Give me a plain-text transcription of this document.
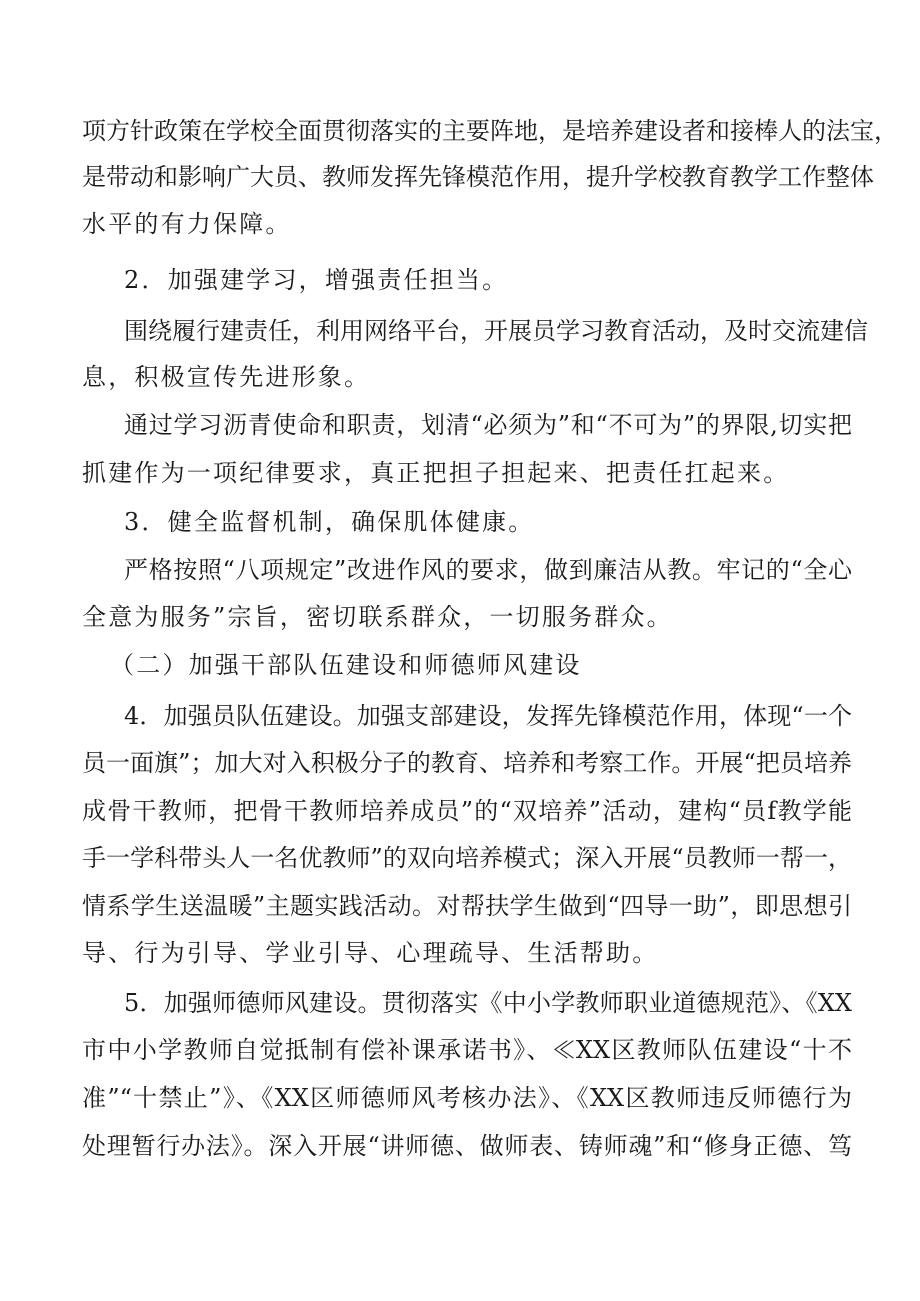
项方针政策在学校全面贯彻落实的主要阵地，是培养建设者和接棒人的法宝，
是带动和影响广大员、教师发挥先锋模范作用，提升学校教育教学工作整体
水平的有力保障。
2．加强建学习，增强责任担当。
围绕履行建责任，利用网络平台，开展员学习教育活动，及时交流建信
息，积极宣传先进形象。
通过学习沥青使命和职责，划清“必须为”和“不可为”的界限,切实把
抓建作为一项纪律要求，真正把担子担起来、把责任扛起来。
3．健全监督机制，确保肌体健康。
严格按照“八项规定”改进作风的要求，做到廉洁从教。牢记的“全心
全意为服务”宗旨，密切联系群众，一切服务群众。
（二）加强干部队伍建设和师德师风建设
4．加强员队伍建设。加强支部建设，发挥先锋模范作用，体现“一个
员一面旗”；加大对入积极分子的教育、培养和考察工作。开展“把员培养
成骨干教师，把骨干教师培养成员”的“双培养”活动，建构“员f教学能
手一学科带头人一名优教师”的双向培养模式；深入开展“员教师一帮一，
情系学生送温暖”主题实践活动。对帮扶学生做到“四导一助”，即思想引
导、行为引导、学业引导、心理疏导、生活帮助。
5．加强师德师风建设。贯彻落实《中小学教师职业道德规范》、《XX
市中小学教师自觉抵制有偿补课承诺书》、≪XX区教师队伍建设“十不
准”“十禁止”》、《XX区师德师风考核办法》、《XX区教师违反师德行为
处理暂行办法》。深入开展“讲师德、做师表、铸师魂”和“修身正德、笃
